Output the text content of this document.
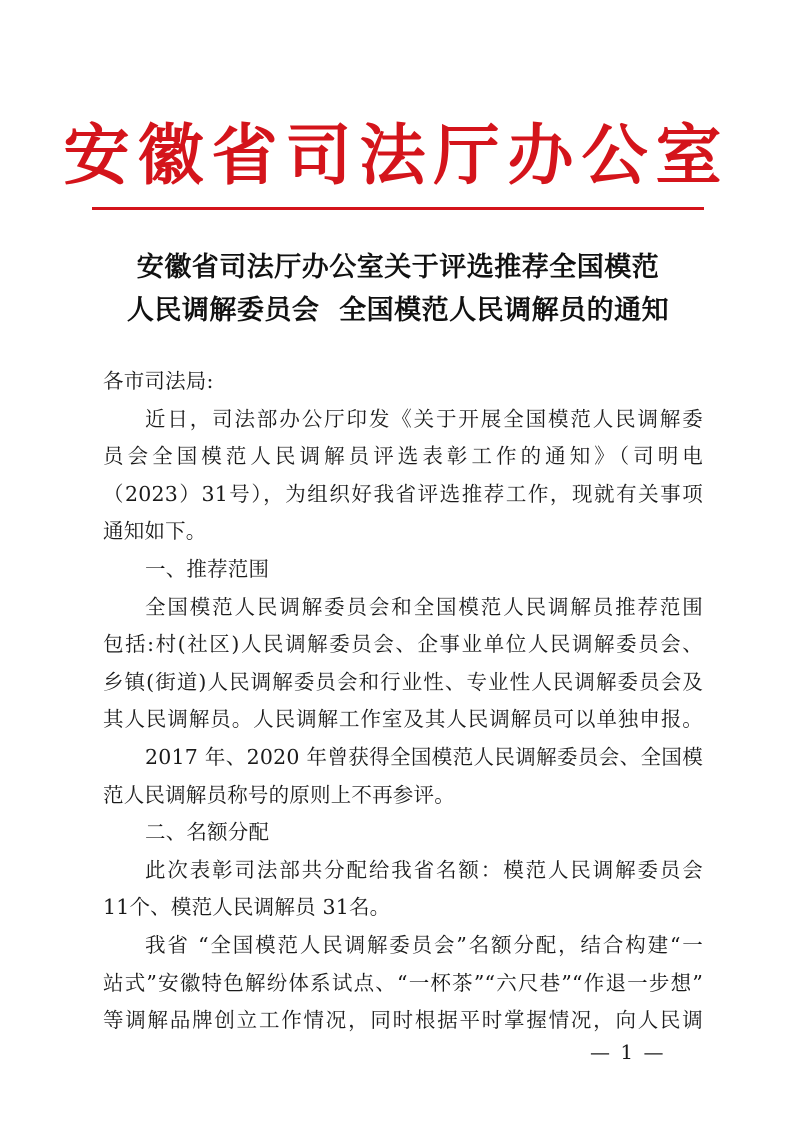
安徽省司法厅办公室
安徽省司法厅办公室关于评选推荐全国模范
人民调解委员会  全国模范人民调解员的通知

各市司法局:

近日，司法部办公厅印发《关于开展全国模范人民调解委
员会全国模范人民调解员评选表彰工作的通知》（司明电
（2023）31号），为组织好我省评选推荐工作，现就有关事项
通知如下。

一、推荐范围

全国模范人民调解委员会和全国模范人民调解员推荐范围
包括:村(社区)人民调解委员会、企事业单位人民调解委员会、
乡镇(街道)人民调解委员会和行业性、专业性人民调解委员会及
其人民调解员。人民调解工作室及其人民调解员可以单独申报。

2017 年、2020 年曾获得全国模范人民调解委员会、全国模
范人民调解员称号的原则上不再参评。

二、名额分配

此次表彰司法部共分配给我省名额：模范人民调解委员会
11个、模范人民调解员 31名。

我省 “全国模范人民调解委员会”名额分配，结合构建“一
站式”安徽特色解纷体系试点、“一杯茶”“六尺巷”“作退一步想”
等调解品牌创立工作情况，同时根据平时掌握情况，向人民调

— 1 —
